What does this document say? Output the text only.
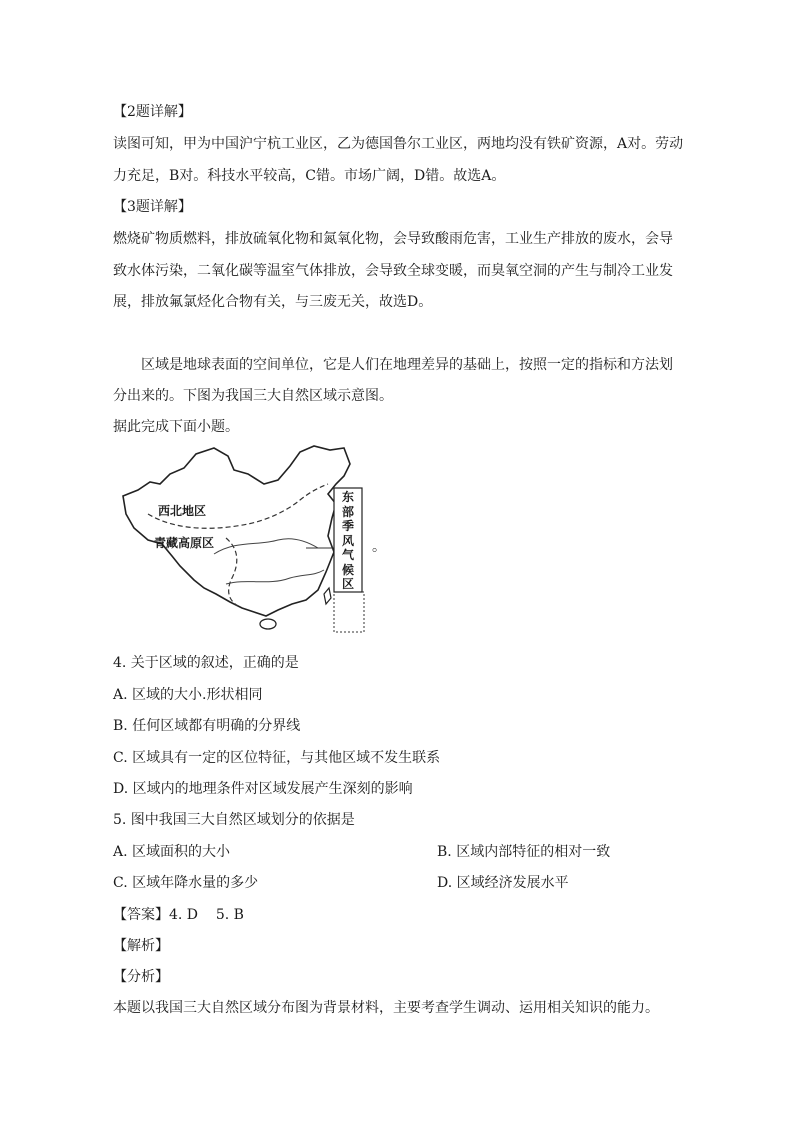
【2题详解】
读图可知，甲为中国沪宁杭工业区，乙为德国鲁尔工业区，两地均没有铁矿资源，A对。劳动
力充足，B对。科技水平较高，C错。市场广阔，D错。故选A。
【3题详解】
燃烧矿物质燃料，排放硫氧化物和氮氧化物，会导致酸雨危害，工业生产排放的废水，会导
致水体污染，二氧化碳等温室气体排放，会导致全球变暖，而臭氧空洞的产生与制冷工业发
展，排放氟氯烃化合物有关，与三废无关，故选D。
区域是地球表面的空间单位，它是人们在地理差异的基础上，按照一定的指标和方法划
分出来的。下图为我国三大自然区域示意图。
据此完成下面小题。
西北地区
青藏高原区
东
部
季
风
气
候
区
。
4. 关于区域的叙述，正确的是
A. 区域的大小.形状相同
B. 任何区域都有明确的分界线
C. 区域具有一定的区位特征，与其他区域不发生联系
D. 区域内的地理条件对区域发展产生深刻的影响
5. 图中我国三大自然区域划分的依据是
A. 区域面积的大小	B. 区域内部特征的相对一致
C. 区域年降水量的多少	D. 区域经济发展水平
【答案】4. D    5. B
【解析】
【分析】
本题以我国三大自然区域分布图为背景材料，主要考查学生调动、运用相关知识的能力。
